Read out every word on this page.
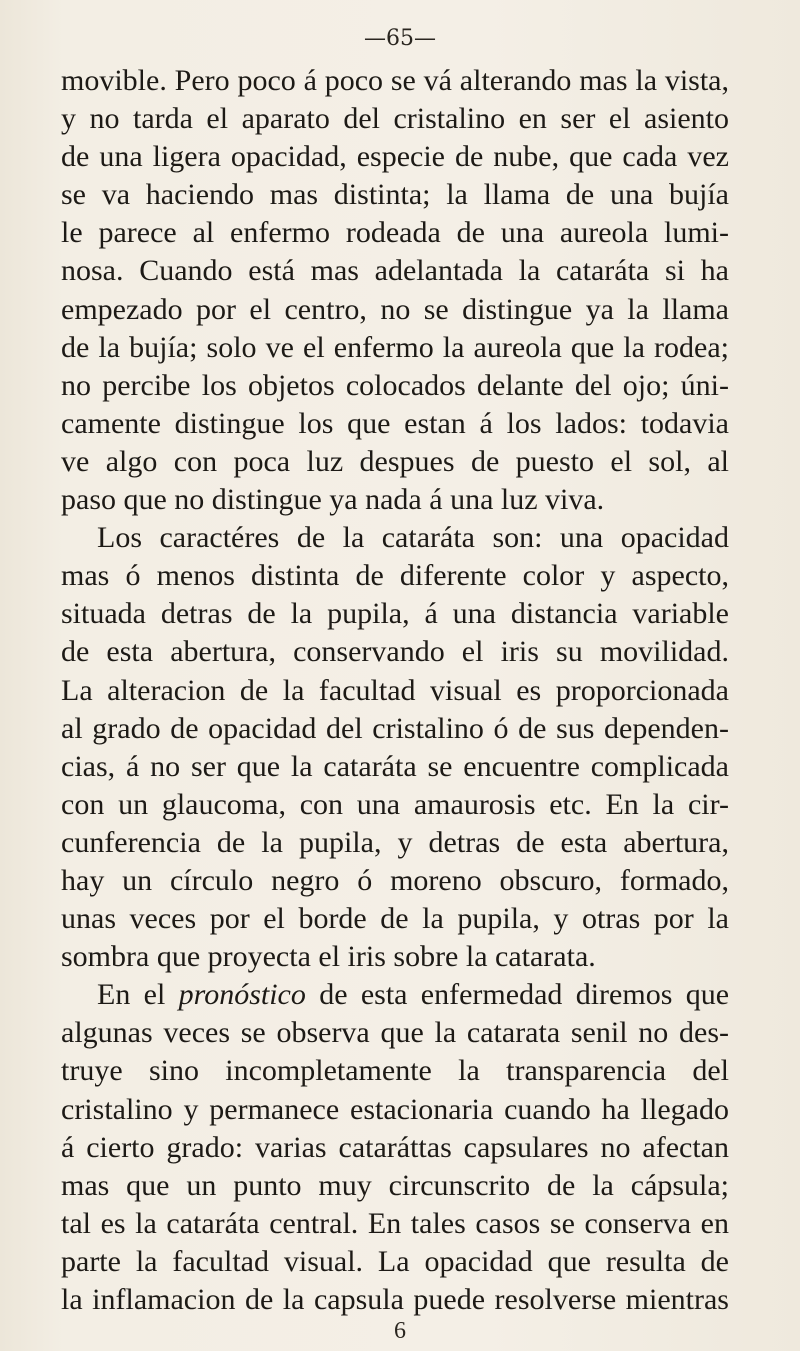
—65—
movible. Pero poco á poco se vá alterando mas la vista,
y no tarda el aparato del cristalino en ser el asiento
de una ligera opacidad, especie de nube, que cada vez
se va haciendo mas distinta; la llama de una bujía
le parece al enfermo rodeada de una aureola lumi-
nosa. Cuando está mas adelantada la cataráta si ha
empezado por el centro, no se distingue ya la llama
de la bujía; solo ve el enfermo la aureola que la rodea;
no percibe los objetos colocados delante del ojo; úni-
camente distingue los que estan á los lados: todavia
ve algo con poca luz despues de puesto el sol, al
paso que no distingue ya nada á una luz viva.
Los caractéres de la cataráta son: una opacidad
mas ó menos distinta de diferente color y aspecto,
situada detras de la pupila, á una distancia variable
de esta abertura, conservando el iris su movilidad.
La alteracion de la facultad visual es proporcionada
al grado de opacidad del cristalino ó de sus dependen-
cias, á no ser que la cataráta se encuentre complicada
con un glaucoma, con una amaurosis etc. En la cir-
cunferencia de la pupila, y detras de esta abertura,
hay un círculo negro ó moreno obscuro, formado,
unas veces por el borde de la pupila, y otras por la
sombra que proyecta el iris sobre la catarata.
En el pronóstico de esta enfermedad diremos que
algunas veces se observa que la catarata senil no des-
truye sino incompletamente la transparencia del
cristalino y permanece estacionaria cuando ha llegado
á cierto grado: varias cataráttas capsulares no afectan
mas que un punto muy circunscrito de la cápsula;
tal es la cataráta central. En tales casos se conserva en
parte la facultad visual. La opacidad que resulta de
la inflamacion de la capsula puede resolverse mientras
6
